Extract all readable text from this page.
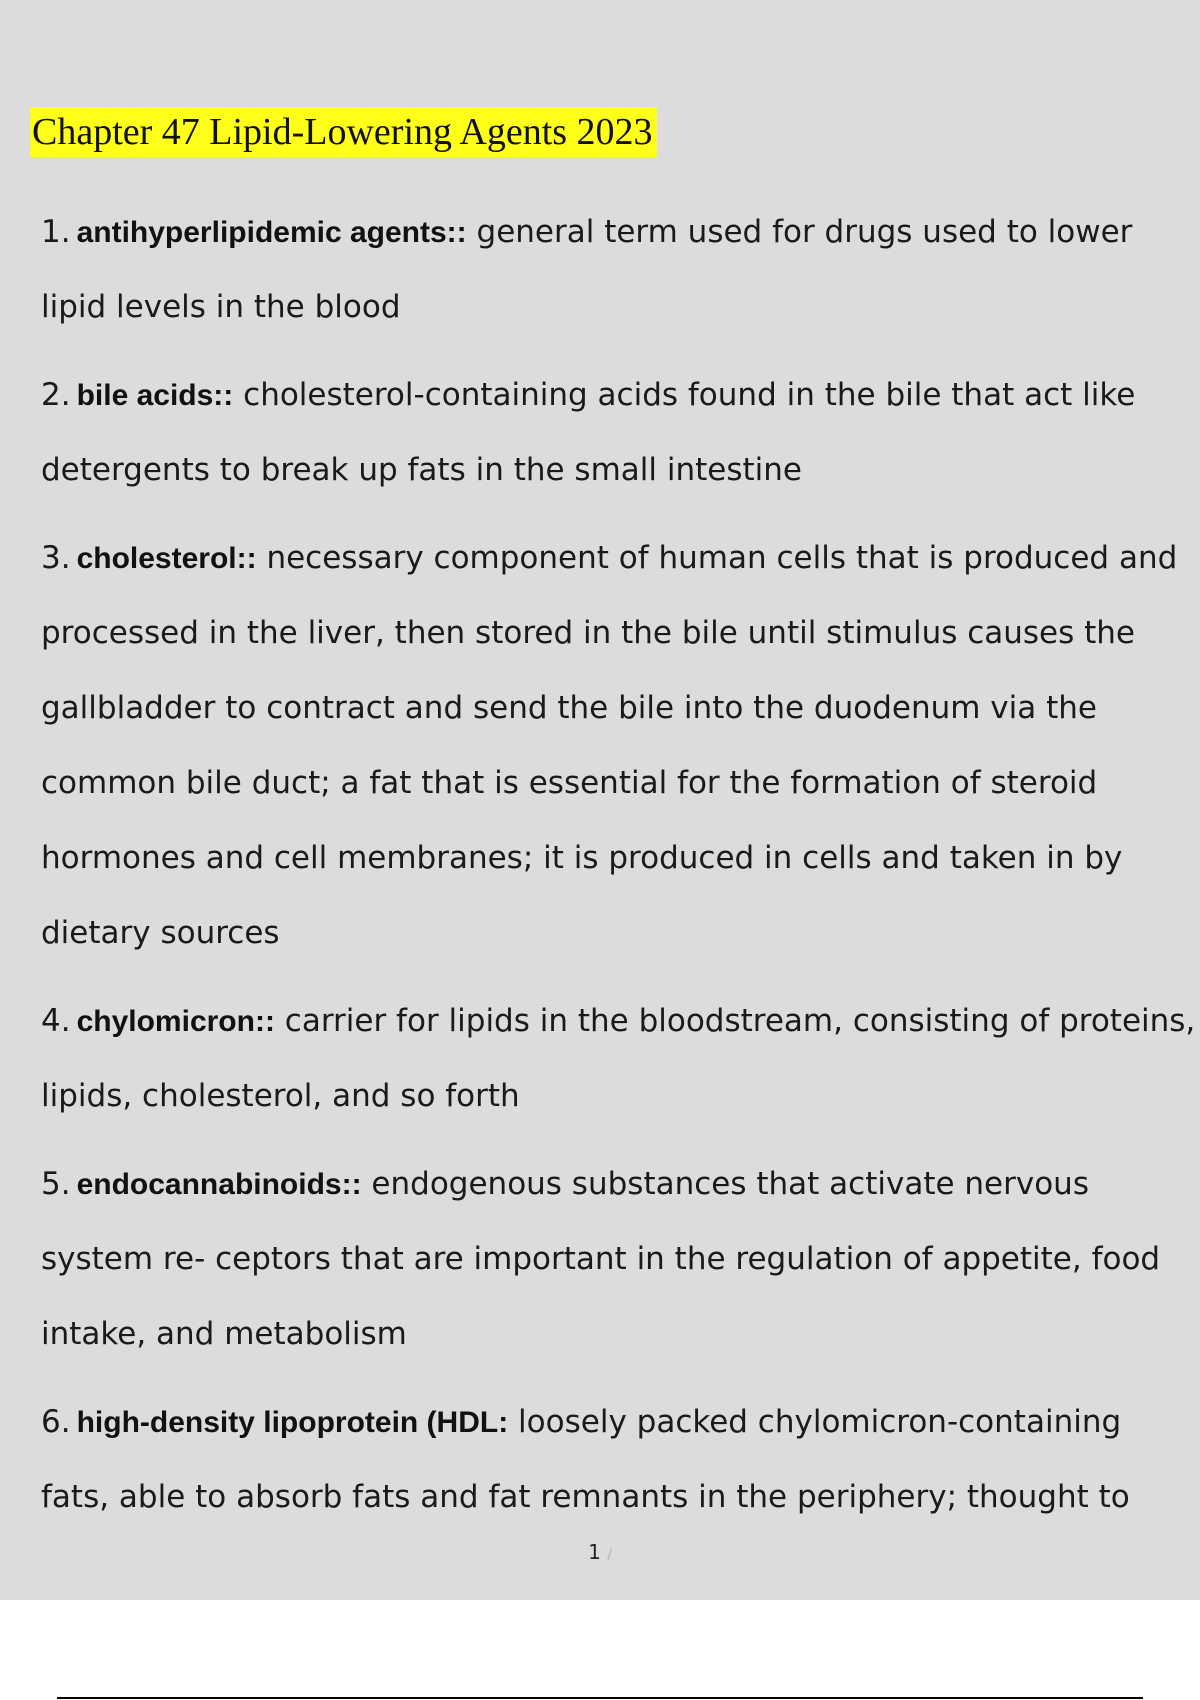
Chapter 47 Lipid-Lowering Agents 2023
1. antihyperlipidemic agents:: general term used for drugs used to lower lipid levels in the blood
2. bile acids:: cholesterol-containing acids found in the bile that act like detergents to break up fats in the small intestine
3. cholesterol:: necessary component of human cells that is produced and processed in the liver, then stored in the bile until stimulus causes the gallbladder to contract and send the bile into the duodenum via the common bile duct; a fat that is essential for the formation of steroid hormones and cell membranes; it is produced in cells and taken in by dietary sources
4. chylomicron:: carrier for lipids in the bloodstream, consisting of proteins, lipids, cholesterol, and so forth
5. endocannabinoids:: endogenous substances that activate nervous system re- ceptors that are important in the regulation of appetite, food intake, and metabolism
6. high-density lipoprotein (HDL: loosely packed chylomicron-containing fats, able to absorb fats and fat remnants in the periphery; thought to
1 /
